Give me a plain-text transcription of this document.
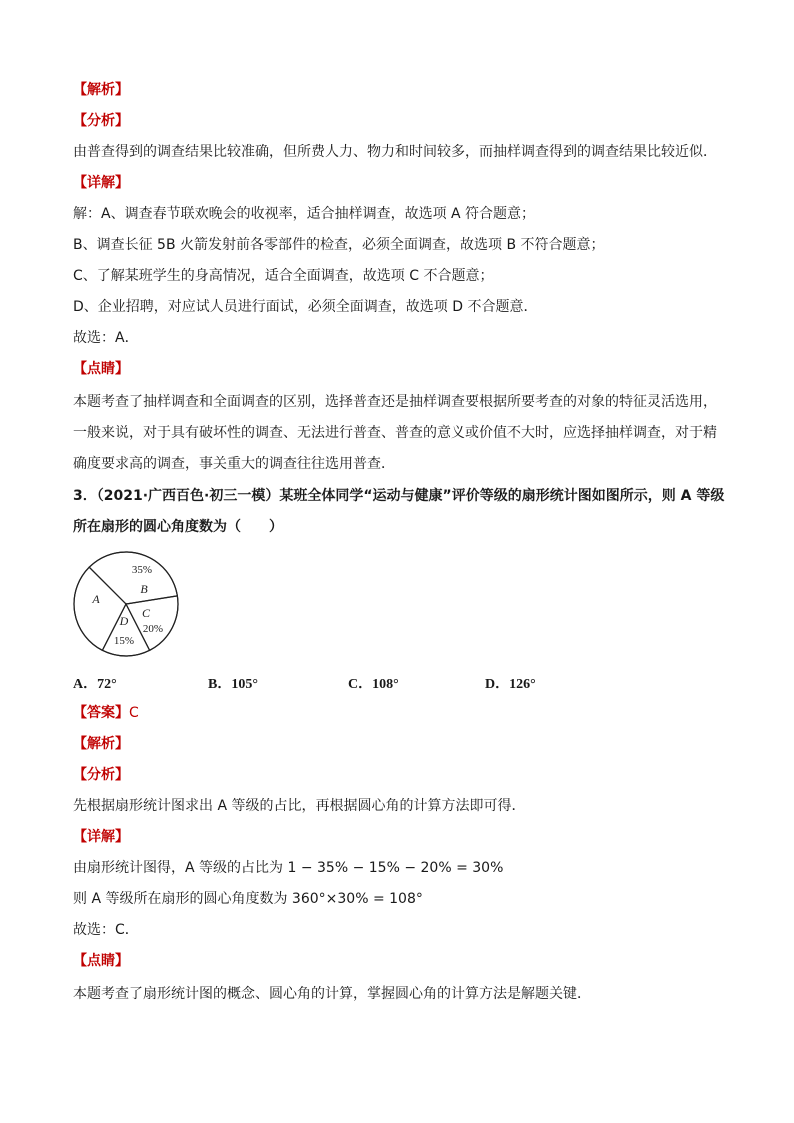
【解析】
【分析】
由普查得到的调查结果比较准确，但所费人力、物力和时间较多，而抽样调查得到的调查结果比较近似．
【详解】
解：A、调查春节联欢晚会的收视率，适合抽样调查，故选项 A 符合题意；
B、调查长征 5B 火箭发射前各零部件的检查，必须全面调查，故选项 B 不符合题意；
C、了解某班学生的身高情况，适合全面调查，故选项 C 不合题意；
D、企业招聘，对应试人员进行面试，必须全面调查，故选项 D 不合题意．
故选：A．
【点睛】
本题考查了抽样调查和全面调查的区别，选择普查还是抽样调查要根据所要考查的对象的特征灵活选用，
一般来说，对于具有破坏性的调查、无法进行普查、普查的意义或价值不大时，应选择抽样调查，对于精
确度要求高的调查，事关重大的调查往往选用普查．
3．（2021·广西百色·初三一模）某班全体同学“运动与健康”评价等级的扇形统计图如图所示，则 A 等级
所在扇形的圆心角度数为（　　）
A
B
35%
C
20%
D
15%
A．72°	B．105°	C．108°	D．126°
【答案】C
【解析】
【分析】
先根据扇形统计图求出 A 等级的占比，再根据圆心角的计算方法即可得．
【详解】
由扇形统计图得，A 等级的占比为 1 − 35% − 15% − 20% = 30%
则 A 等级所在扇形的圆心角度数为 360°×30% = 108°
故选：C．
【点睛】
本题考查了扇形统计图的概念、圆心角的计算，掌握圆心角的计算方法是解题关键．
